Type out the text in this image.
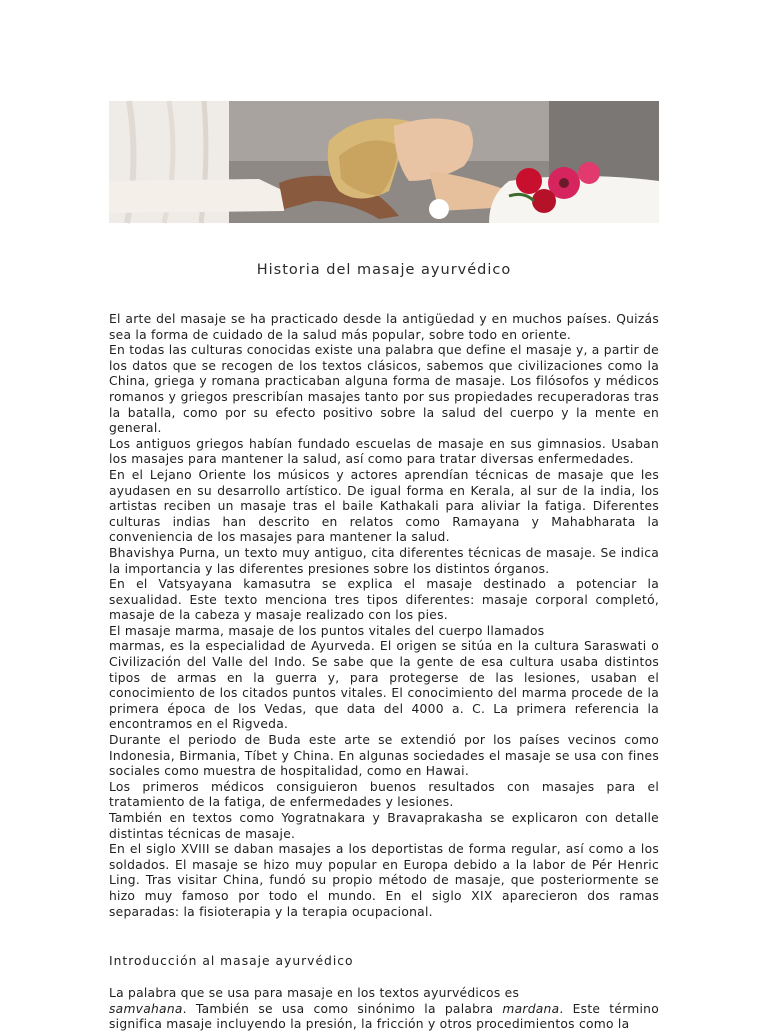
Historia del masaje ayurvédico

El arte del masaje se ha practicado desde la antigüedad y en muchos países. Quizás sea la forma de cuidado de la salud más popular, sobre todo en oriente.

En todas las culturas conocidas existe una palabra que define el masaje y, a partir de los datos que se recogen de los textos clásicos, sabemos que civilizaciones como la China, griega y romana practicaban alguna forma de masaje. Los filósofos y médicos romanos y griegos prescribían masajes tanto por sus propiedades recuperadoras tras la batalla, como por su efecto positivo sobre la salud del cuerpo y la mente en general.

Los antiguos griegos habían fundado escuelas de masaje en sus gimnasios. Usaban los masajes para mantener la salud, así como para tratar diversas enfermedades.

En el Lejano Oriente los músicos y actores aprendían técnicas de masaje que les ayudasen en su desarrollo artístico. De igual forma en Kerala, al sur de la india, los artistas reciben un masaje tras el baile Kathakali para aliviar la fatiga. Diferentes culturas indias han descrito en relatos como Ramayana y Mahabharata la conveniencia de los masajes para mantener la salud.

Bhavishya Purna, un texto muy antiguo, cita diferentes técnicas de masaje. Se indica la importancia y las diferentes presiones sobre los distintos órganos.

En el Vatsyayana kamasutra se explica el masaje destinado a potenciar la sexualidad. Este texto menciona tres tipos diferentes: masaje corporal completó, masaje de la cabeza y masaje realizado con los pies.

El masaje marma, masaje de los puntos vitales del cuerpo llamados

marmas, es la especialidad de Ayurveda. El origen se sitúa en la cultura Saraswati o Civilización del Valle del Indo. Se sabe que la gente de esa cultura usaba distintos tipos de armas en la guerra y, para protegerse de las lesiones, usaban el conocimiento de los citados puntos vitales. El conocimiento del marma procede de la primera época de los Vedas, que data del 4000 a. C. La primera referencia la encontramos en el Rigveda.

Durante el periodo de Buda este arte se extendió por los países vecinos como Indonesia, Birmania, Tíbet y China. En algunas sociedades el masaje se usa con fines sociales como muestra de hospitalidad, como en Hawai.

Los primeros médicos consiguieron buenos resultados con masajes para el tratamiento de la fatiga, de enfermedades y lesiones.

También en textos como Yogratnakara y Bravaprakasha se explicaron con detalle distintas técnicas de masaje.

En el siglo XVIII se daban masajes a los deportistas de forma regular, así como a los soldados. El masaje se hizo muy popular en Europa debido a la labor de Pér Henric Ling. Tras visitar China, fundó su propio método de masaje, que posteriormente se hizo muy famoso por todo el mundo. En el siglo XIX aparecieron dos ramas separadas: la fisioterapia y la terapia ocupacional.

Introducción al masaje ayurvédico

La palabra que se usa para masaje en los textos ayurvédicos es

samvahana. También se usa como sinónimo la palabra mardana. Este término significa masaje incluyendo la presión, la fricción y otros procedimientos como la
